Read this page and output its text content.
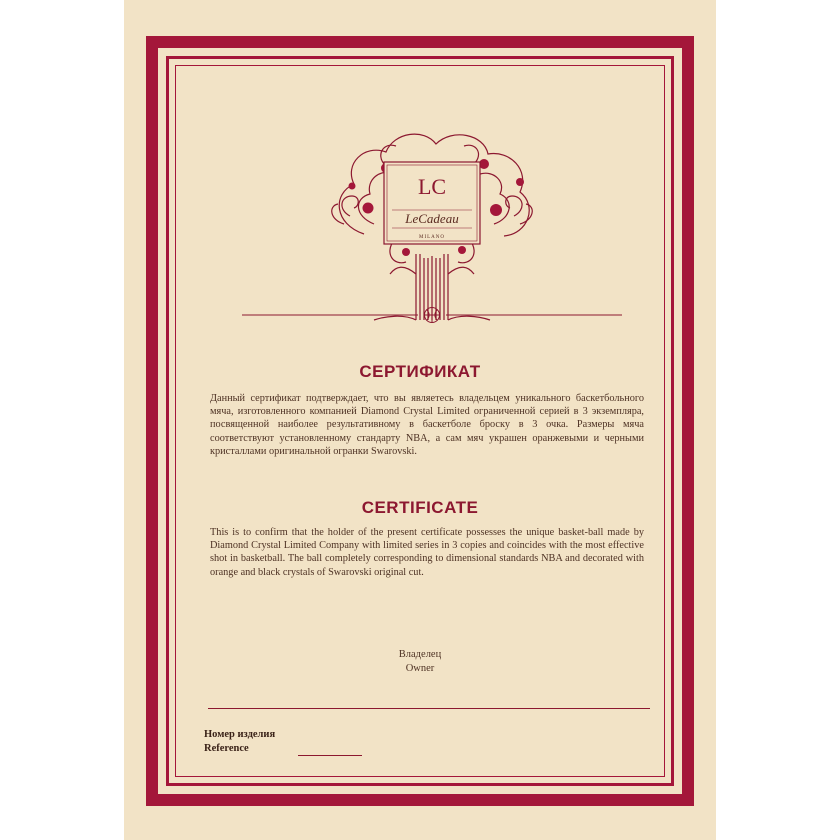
LC
LeCadeau
MILANO
СЕРТИФИКАТ
Данный сертификат подтверждает, что вы являетесь владельцем уникального баскетбольного мяча, изготовленного компанией Diamond Crystal Limited ограниченной серией в 3 экземпляра, посвященной наиболее результативному в баскетболе броску в 3 очка. Размеры мяча соответствуют установленному стандарту NBA, а сам мяч украшен оранжевыми и черными кристаллами оригинальной огранки Swarovski.
CERTIFICATE
This is to confirm that the holder of the present certificate possesses the unique basket-ball made by Diamond Crystal Limited Company with limited series in 3 copies and coincides with the most effective shot in basketball. The ball completely corresponding to dimensional standards NBA and decorated with orange and black crystals of Swarovski original cut.
Владелец
Owner
Номер изделия
Reference
